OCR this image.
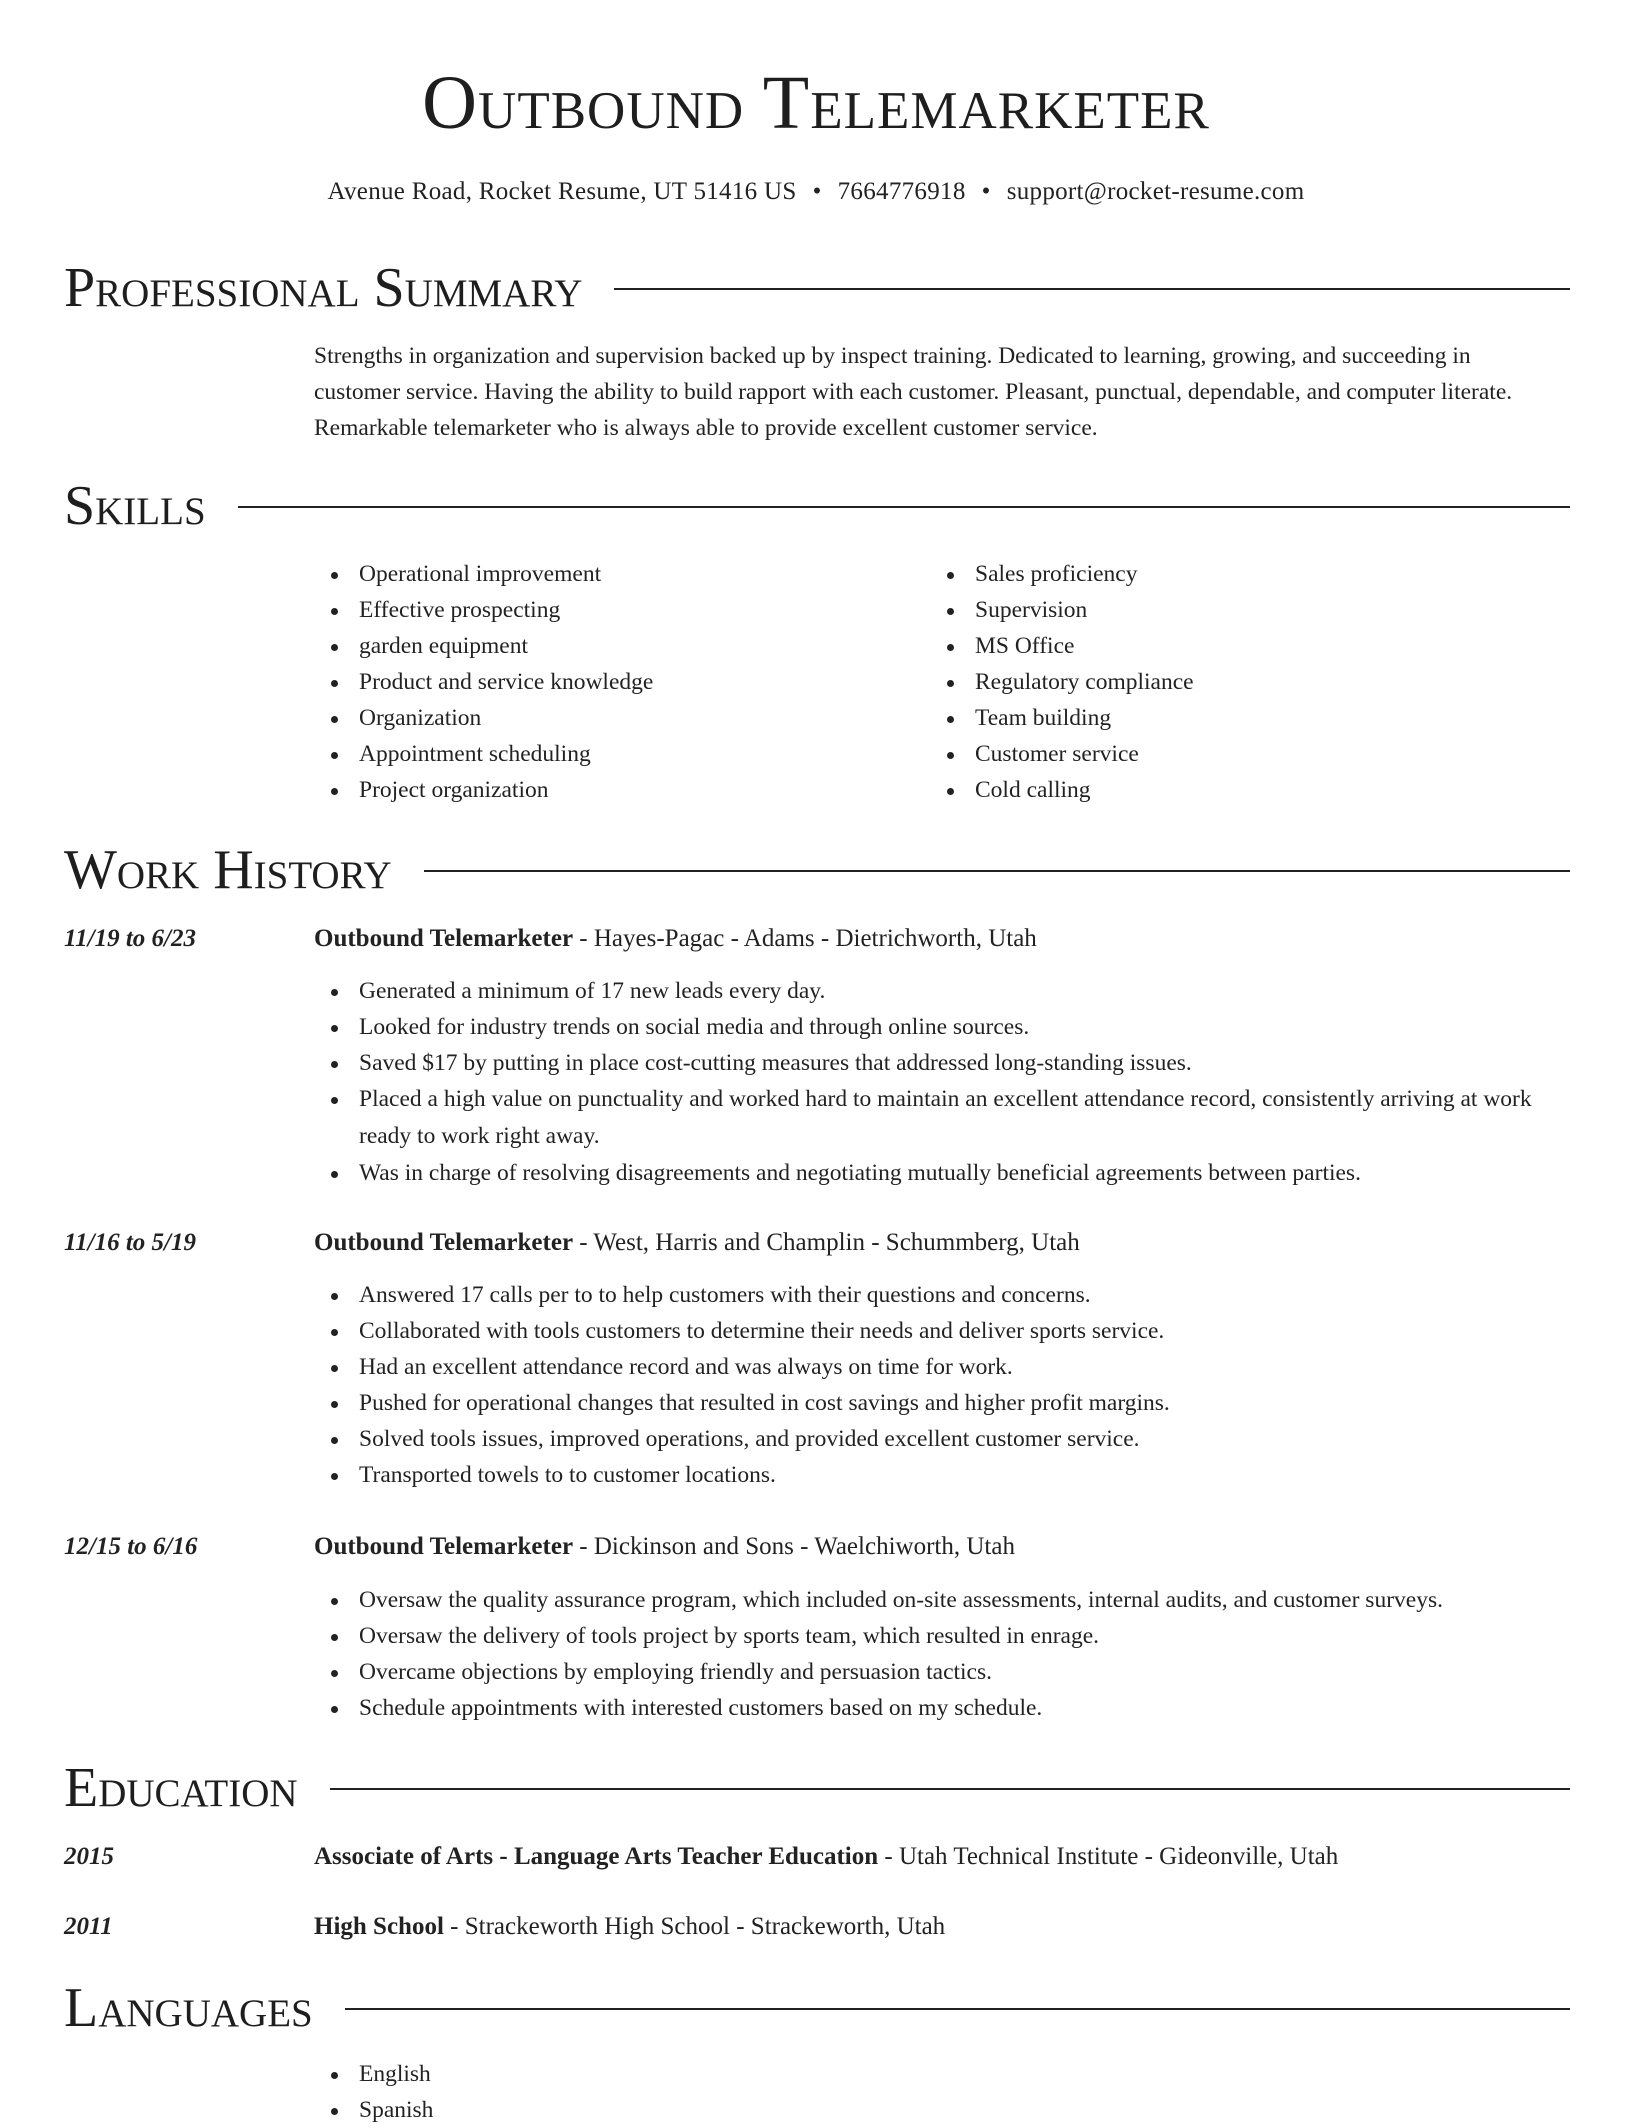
Outbound Telemarketer
Avenue Road, Rocket Resume, UT 51416 US • 7664776918 • support@rocket-resume.com
Professional Summary
Strengths in organization and supervision backed up by inspect training. Dedicated to learning, growing, and succeeding in customer service. Having the ability to build rapport with each customer. Pleasant, punctual, dependable, and computer literate. Remarkable telemarketer who is always able to provide excellent customer service.
Skills
Operational improvement
Effective prospecting
garden equipment
Product and service knowledge
Organization
Appointment scheduling
Project organization
Sales proficiency
Supervision
MS Office
Regulatory compliance
Team building
Customer service
Cold calling
Work History
11/19 to 6/23	Outbound Telemarketer - Hayes-Pagac - Adams - Dietrichworth, Utah
Generated a minimum of 17 new leads every day.
Looked for industry trends on social media and through online sources.
Saved $17 by putting in place cost-cutting measures that addressed long-standing issues.
Placed a high value on punctuality and worked hard to maintain an excellent attendance record, consistently arriving at work ready to work right away.
Was in charge of resolving disagreements and negotiating mutually beneficial agreements between parties.
11/16 to 5/19	Outbound Telemarketer - West, Harris and Champlin - Schummberg, Utah
Answered 17 calls per to to help customers with their questions and concerns.
Collaborated with tools customers to determine their needs and deliver sports service.
Had an excellent attendance record and was always on time for work.
Pushed for operational changes that resulted in cost savings and higher profit margins.
Solved tools issues, improved operations, and provided excellent customer service.
Transported towels to to customer locations.
12/15 to 6/16	Outbound Telemarketer - Dickinson and Sons - Waelchiworth, Utah
Oversaw the quality assurance program, which included on-site assessments, internal audits, and customer surveys.
Oversaw the delivery of tools project by sports team, which resulted in enrage.
Overcame objections by employing friendly and persuasion tactics.
Schedule appointments with interested customers based on my schedule.
Education
2015	Associate of Arts - Language Arts Teacher Education - Utah Technical Institute - Gideonville, Utah
2011	High School - Strackeworth High School - Strackeworth, Utah
Languages
English
Spanish
